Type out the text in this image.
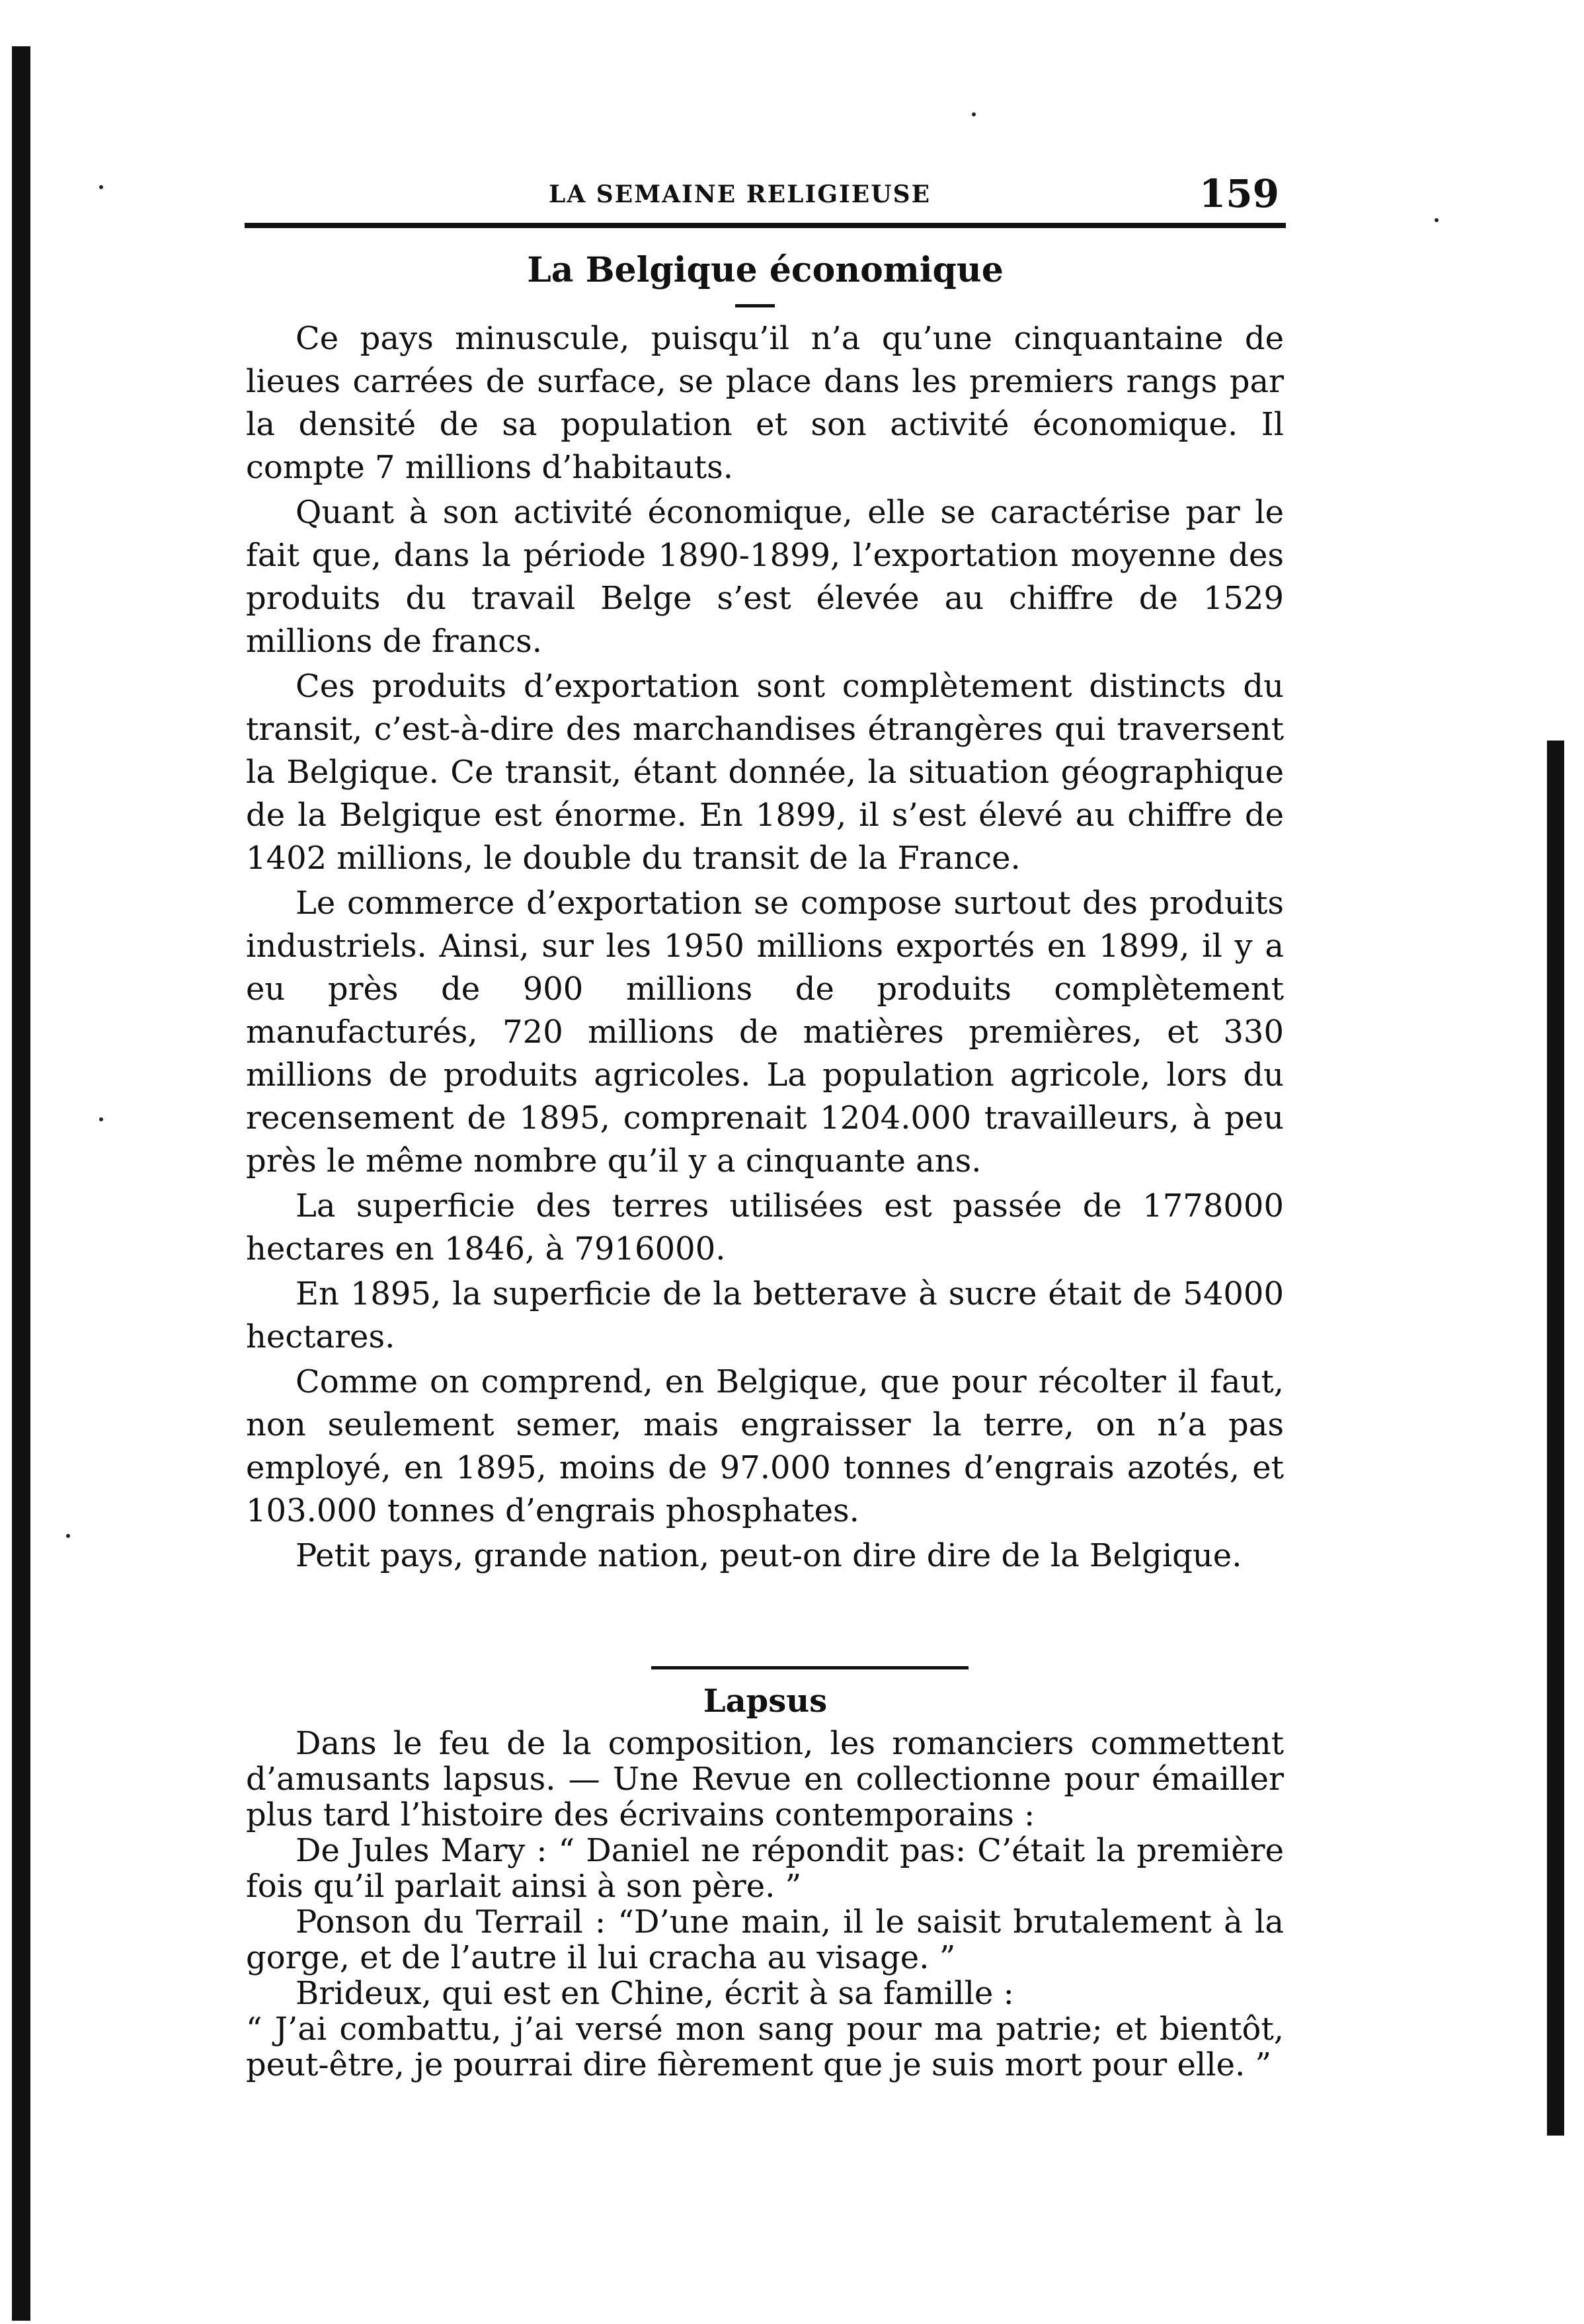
LA SEMAINE RELIGIEUSE	159
La Belgique économique

Ce pays minuscule, puisqu’il n’a qu’une cinquantaine de lieues carrées de surface, se place dans les premiers rangs par la densité de sa population et son activité économique. Il compte 7 millions d’habitauts.

Quant à son activité économique, elle se caractérise par le fait que, dans la période 1890-1899, l’exportation moyenne des produits du travail Belge s’est élevée au chiffre de 1529 millions de francs.

Ces produits d’exportation sont complètement distincts du transit, c’est-à-dire des marchandises étrangères qui traversent la Belgique. Ce transit, étant donnée, la situation géographique de la Belgique est énorme. En 1899, il s’est élevé au chiffre de 1402 millions, le double du transit de la France.

Le commerce d’exportation se compose surtout des produits industriels. Ainsi, sur les 1950 millions exportés en 1899, il y a eu près de 900 millions de produits complètement manufacturés, 720 millions de matières premières, et 330 millions de produits agricoles. La population agricole, lors du recensement de 1895, comprenait 1204.000 travailleurs, à peu près le même nombre qu’il y a cinquante ans.

La superficie des terres utilisées est passée de 1778000 hectares en 1846, à 7916000.

En 1895, la superficie de la betterave à sucre était de 54000 hectares.

Comme on comprend, en Belgique, que pour récolter il faut, non seulement semer, mais engraisser la terre, on n’a pas employé, en 1895, moins de 97.000 tonnes d’engrais azotés, et 103.000 tonnes d’engrais phosphates.

Petit pays, grande nation, peut-on dire dire de la Belgique.

Lapsus

Dans le feu de la composition, les romanciers commettent d’amusants lapsus. — Une Revue en collectionne pour émailler plus tard l’histoire des écrivains contemporains :

De Jules Mary : “ Daniel ne répondit pas: C’était la première fois qu’il parlait ainsi à son père. ”

Ponson du Terrail : “D’une main, il le saisit brutalement à la gorge, et de l’autre il lui cracha au visage. ”

Brideux, qui est en Chine, écrit à sa famille :

“ J’ai combattu, j’ai versé mon sang pour ma patrie; et bientôt, peut-être, je pourrai dire fièrement que je suis mort pour elle. ”
